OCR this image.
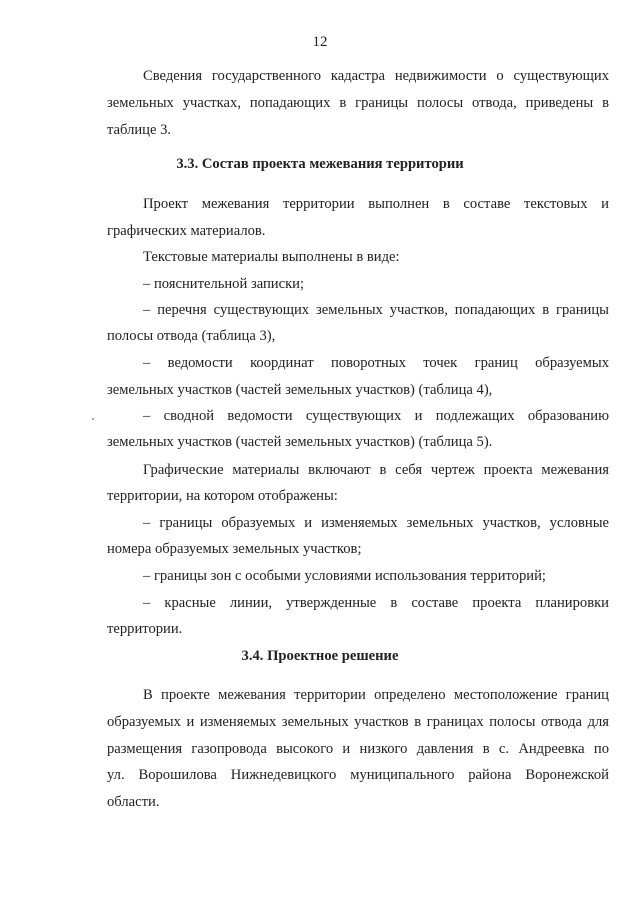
12
Сведения государственного кадастра недвижимости о существующих
земельных участках, попадающих в границы полосы отвода, приведены в
таблице 3.
3.3. Состав проекта межевания территории
Проект межевания территории выполнен в составе текстовых и
графических материалов.
Текстовые материалы выполнены в виде:
– пояснительной записки;
– перечня существующих земельных участков, попадающих в границы
полосы отвода (таблица 3),
– ведомости координат поворотных точек границ образуемых
земельных участков (частей земельных участков) (таблица 4),
– сводной ведомости существующих и подлежащих образованию
земельных участков (частей земельных участков) (таблица 5).
Графические материалы включают в себя чертеж проекта межевания
территории, на котором отображены:
– границы образуемых и изменяемых земельных участков, условные
номера образуемых земельных участков;
– границы зон с особыми условиями использования территорий;
– красные линии, утвержденные в составе проекта планировки
территории.
3.4. Проектное решение
В проекте межевания территории определено местоположение границ
образуемых и изменяемых земельных участков в границах полосы отвода для
размещения газопровода высокого и низкого давления в с. Андреевка по
ул. Ворошилова Нижнедевицкого муниципального района Воронежской
области.
